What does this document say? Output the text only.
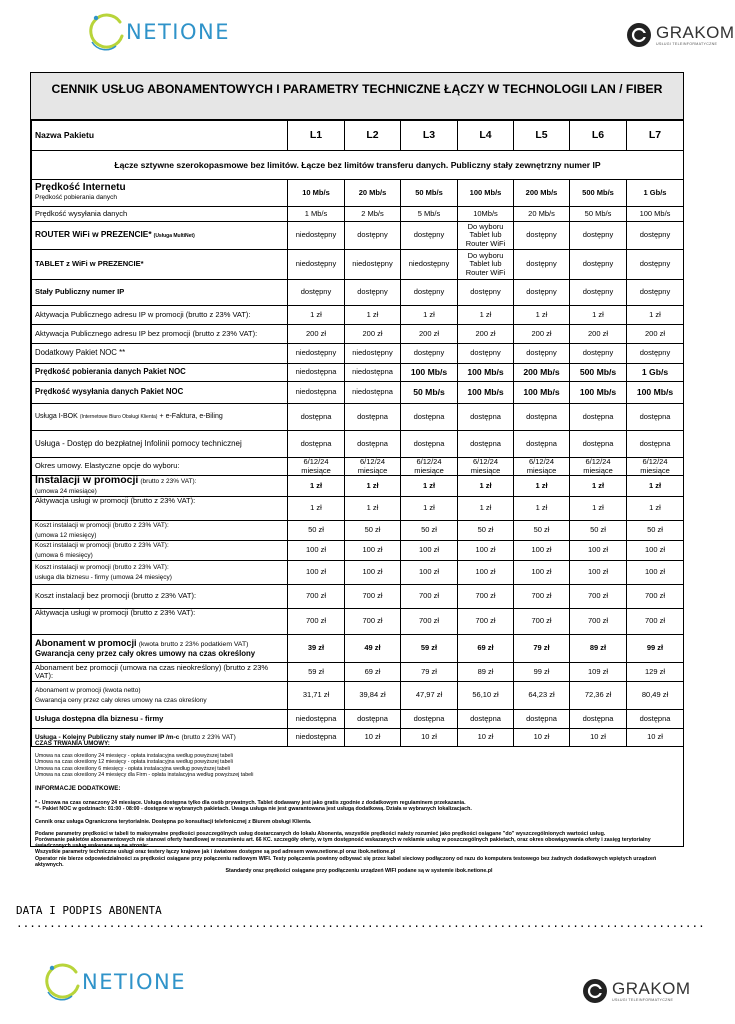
NETIONE	GRAKOM
USŁUGI TELEINFORMATYCZNE
CENNIK USŁUG ABONAMENTOWYCH I PARAMETRY TECHNICZNE ŁĄCZY W TECHNOLOGII LAN / FIBER
Nazwa Pakietu	L1	L2	L3	L4	L5	L6	L7
Łącze sztywne szerokopasmowe bez limitów. Łącze bez limitów transferu danych. Publiczny stały zewnętrzny numer IP							
Prędkość Internetu
Prędkość pobierania danych	10 Mb/s	20 Mb/s	50 Mb/s	100 Mb/s	200 Mb/s	500 Mb/s	1 Gb/s
Prędkość wysyłania danych	1 Mb/s	2 Mb/s	5 Mb/s	10Mb/s	20 Mb/s	50 Mb/s	100 Mb/s
ROUTER WiFi w PREZENCIE* (Usługa MultiNet)	niedostępny	dostępny	dostępny	Do wyboru Tablet lub Router WiFi	dostępny	dostępny	dostępny
TABLET z WiFi w PREZENCIE*	niedostępny	niedostępny	niedostępny	Do wyboru Tablet lub Router WiFi	dostępny	dostępny	dostępny
Stały Publiczny numer IP	dostępny	dostępny	dostępny	dostępny	dostępny	dostępny	dostępny
Aktywacja Publicznego adresu IP w promocji (brutto z 23% VAT):	1 zł	1 zł	1 zł	1 zł	1 zł	1 zł	1 zł
Aktywacja Publicznego adresu IP bez promocji (brutto z 23% VAT):	200 zł	200 zł	200 zł	200 zł	200 zł	200 zł	200 zł
Dodatkowy Pakiet NOC **	niedostępny	niedostępny	dostępny	dostępny	dostępny	dostępny	dostępny
Prędkość pobierania danych Pakiet NOC	niedostępna	niedostępna	100 Mb/s	100 Mb/s	200 Mb/s	500 Mb/s	1 Gb/s
Prędkość wysyłania danych Pakiet NOC	niedostępna	niedostępna	50 Mb/s	100 Mb/s	100 Mb/s	100 Mb/s	100 Mb/s
Usługa I-BOK (Internetowe Biuro Obsługi Klienta) + e-Faktura, e-Biling	dostępna	dostępna	dostępna	dostępna	dostępna	dostępna	dostępna
Usługa - Dostęp do bezpłatnej Infolinii pomocy technicznej	dostępna	dostępna	dostępna	dostępna	dostępna	dostępna	dostępna
Okres umowy. Elastyczne opcje do wyboru:	6/12/24 miesiące	6/12/24 miesiące	6/12/24 miesiące	6/12/24 miesiące	6/12/24 miesiące	6/12/24 miesiące	6/12/24 miesiące
Instalacji w promocji (brutto z 23% VAT):
(umowa 24 miesiące)	1 zł	1 zł	1 zł	1 zł	1 zł	1 zł	1 zł
Aktywacja usługi w promocji (brutto z 23% VAT):	1 zł	1 zł	1 zł	1 zł	1 zł	1 zł	1 zł
Koszt instalacji w promocji (brutto z 23% VAT):
(umowa 12 miesięcy)	50 zł	50 zł	50 zł	50 zł	50 zł	50 zł	50 zł
Koszt instalacji w promocji (brutto z 23% VAT):
(umowa 6 miesięcy)	100 zł	100 zł	100 zł	100 zł	100 zł	100 zł	100 zł
Koszt instalacji w promocji (brutto z 23% VAT):
usługa dla biznesu - firmy (umowa 24 miesięcy)	100 zł	100 zł	100 zł	100 zł	100 zł	100 zł	100 zł
Koszt instalacji bez promocji (brutto z 23% VAT):	700 zł	700 zł	700 zł	700 zł	700 zł	700 zł	700 zł
Aktywacja usługi w promocji (brutto z 23% VAT):	700 zł	700 zł	700 zł	700 zł	700 zł	700 zł	700 zł
Abonament w promocji (kwota brutto z 23% podatkiem VAT)
Gwarancja ceny przez cały okres umowy na czas określony	39 zł	49 zł	59 zł	69 zł	79 zł	89 zł	99 zł
Abonament bez promocji (umowa na czas nieokreślony) (brutto z 23% VAT):	59 zł	69 zł	79 zł	89 zł	99 zł	109 zł	129 zł
Abonament w promocji (kwota netto)
Gwarancja ceny przez cały okres umowy na czas określony	31,71 zł	39,84 zł	47,97 zł	56,10 zł	64,23 zł	72,36 zł	80,49 zł
Usługa dostępna dla biznesu - firmy	niedostępna	dostępna	dostępna	dostępna	dostępna	dostępna	dostępna
Usługa - Kolejny Publiczny stały numer IP /m-c (brutto z 23% VAT)	niedostępna	10 zł	10 zł	10 zł	10 zł	10 zł	10 zł
CZAS TRWANIA UMOWY:
Umowa na czas określony 24 miesięcy - opłata instalacyjna według powyższej tabeli
Umowa na czas określony 12 miesięcy - opłata instalacyjna według powyższej tabeli
Umowa na czas określony 6 miesięcy - opłata instalacyjna według powyższej tabeli
Umowa na czas określony 24 miesięcy dla Firm - opłata instalacyjna według powyższej tabeli
INFORMACJE DODATKOWE:
* - Umowa na czas oznaczony 24 miesiące. Usługa dostępna tylko dla osób prywatnych. Tablet dodawany jest jako gratis zgodnie z dodatkowym regulaminem przekazania.
**- Pakiet NOC w godzinach: 01:00 - 08:00 - dostępne w wybranych pakietach. Uwaga usługa nie jest gwarantowana jest usługą dodatkową. Działa w wybranych lokalizacjach.
Cennik oraz usługa Ograniczona terytorialnie. Dostępna po konsultacji telefonicznej z Biurem obsługi Klienta.
Podane parametry prędkości w tabeli to maksymalne prędkości poszczególnych usług dostarczanych do lokalu Abonenta, wszystkie prędkości należy rozumieć jako prędkości osiągane "do" wyszczególnionych wartości usług.
Porównanie pakietów abonamentowych nie stanowi oferty handlowej w rozumieniu art. 66 KC. szczegóły oferty, w tym dostępność wskazanych w reklamie usług w poszczególnych pakietach, oraz okres obowiązywania oferty i zasięg terytorialny świadczonych usług wskazane są na stronie:
Wszystkie parametry techniczne usługi oraz testery łączy krajowe jak i światowe dostępne są pod adresem www.netione.pl oraz ibok.netione.pl
Operator nie bierze odpowiedzialności za prędkości osiągane przy połączeniu radiowym WIFI. Testy połączenia powinny odbywać się przez kabel sieciowy podłączony od razu do komputera testowego bez żadnych dodatkowych wpiętych urządzeń aktywnych.
Standardy oraz prędkości osiągane przy podłączeniu urządzeń WIFI podane są w systemie ibok.netione.pl
DATA I PODPIS ABONENTA ........................................................................................................
NETIONE	GRAKOM
USŁUGI TELEINFORMATYCZNE
